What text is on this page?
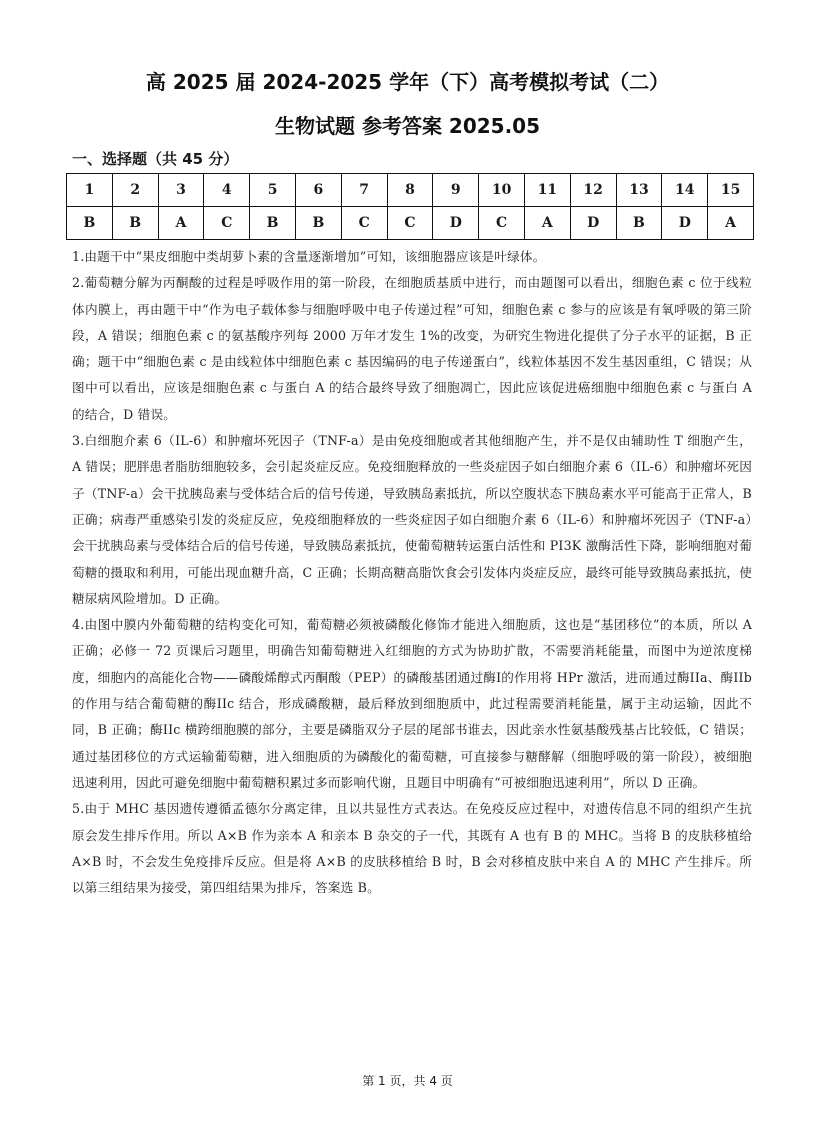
高 2025 届 2024-2025 学年（下）高考模拟考试（二）
生物试题 参考答案 2025.05
一、选择题（共 45 分）
1	2	3	4	5	6	7	8	9	10	11	12	13	14	15
B	B	A	C	B	B	C	C	D	C	A	D	B	D	A

1.由题干中“果皮细胞中类胡萝卜素的含量逐渐增加”可知，该细胞器应该是叶绿体。

2.葡萄糖分解为丙酮酸的过程是呼吸作用的第一阶段，在细胞质基质中进行，而由题图可以看出，细胞色素 c 位于线粒体内膜上，再由题干中“作为电子载体参与细胞呼吸中电子传递过程”可知，细胞色素 c 参与的应该是有氧呼吸的第三阶段，A 错误；细胞色素 c 的氨基酸序列每 2000 万年才发生 1%的改变，为研究生物进化提供了分子水平的证据，B 正确；题干中“细胞色素 c 是由线粒体中细胞色素 c 基因编码的电子传递蛋白”，线粒体基因不发生基因重组，C 错误；从图中可以看出，应该是细胞色素 c 与蛋白 A 的结合最终导致了细胞凋亡，因此应该促进癌细胞中细胞色素 c 与蛋白 A 的结合，D 错误。

3.白细胞介素 6（IL-6）和肿瘤坏死因子（TNF-a）是由免疫细胞或者其他细胞产生，并不是仅由辅助性 T 细胞产生，A 错误；肥胖患者脂肪细胞较多，会引起炎症反应。免疫细胞释放的一些炎症因子如白细胞介素 6（IL-6）和肿瘤坏死因子（TNF-a）会干扰胰岛素与受体结合后的信号传递，导致胰岛素抵抗，所以空腹状态下胰岛素水平可能高于正常人，B 正确；病毒严重感染引发的炎症反应，免疫细胞释放的一些炎症因子如白细胞介素 6（IL-6）和肿瘤坏死因子（TNF-a）会干扰胰岛素与受体结合后的信号传递，导致胰岛素抵抗，使葡萄糖转运蛋白活性和 PI3K 激酶活性下降，影响细胞对葡萄糖的摄取和利用，可能出现血糖升高，C 正确；长期高糖高脂饮食会引发体内炎症反应，最终可能导致胰岛素抵抗，使糖尿病风险增加。D 正确。

4.由图中膜内外葡萄糖的结构变化可知，葡萄糖必须被磷酸化修饰才能进入细胞质，这也是“基团移位”的本质，所以 A 正确；必修一 72 页课后习题里，明确告知葡萄糖进入红细胞的方式为协助扩散，不需要消耗能量，而图中为逆浓度梯度，细胞内的高能化合物——磷酸烯醇式丙酮酸（PEP）的磷酸基团通过酶I的作用将 HPr 激活，进而通过酶IIa、酶IIb 的作用与结合葡萄糖的酶IIc 结合，形成磷酸糖，最后释放到细胞质中，此过程需要消耗能量，属于主动运输，因此不同，B 正确；酶IIc 横跨细胞膜的部分，主要是磷脂双分子层的尾部书谁去，因此亲水性氨基酸残基占比较低，C 错误；通过基团移位的方式运输葡萄糖，进入细胞质的为磷酸化的葡萄糖，可直接参与糖酵解（细胞呼吸的第一阶段），被细胞迅速利用，因此可避免细胞中葡萄糖积累过多而影响代谢，且题目中明确有“可被细胞迅速利用”，所以 D 正确。

5.由于 MHC 基因遗传遵循孟德尔分离定律，且以共显性方式表达。在免疫反应过程中，对遗传信息不同的组织产生抗原会发生排斥作用。所以 A×B 作为亲本 A 和亲本 B 杂交的子一代，其既有 A 也有 B 的 MHC。当将 B 的皮肤移植给 A×B 时，不会发生免疫排斥反应。但是将 A×B 的皮肤移植给 B 时，B 会对移植皮肤中来自 A 的 MHC 产生排斥。所以第三组结果为接受，第四组结果为排斥，答案选 B。

第 1 页，共 4 页
